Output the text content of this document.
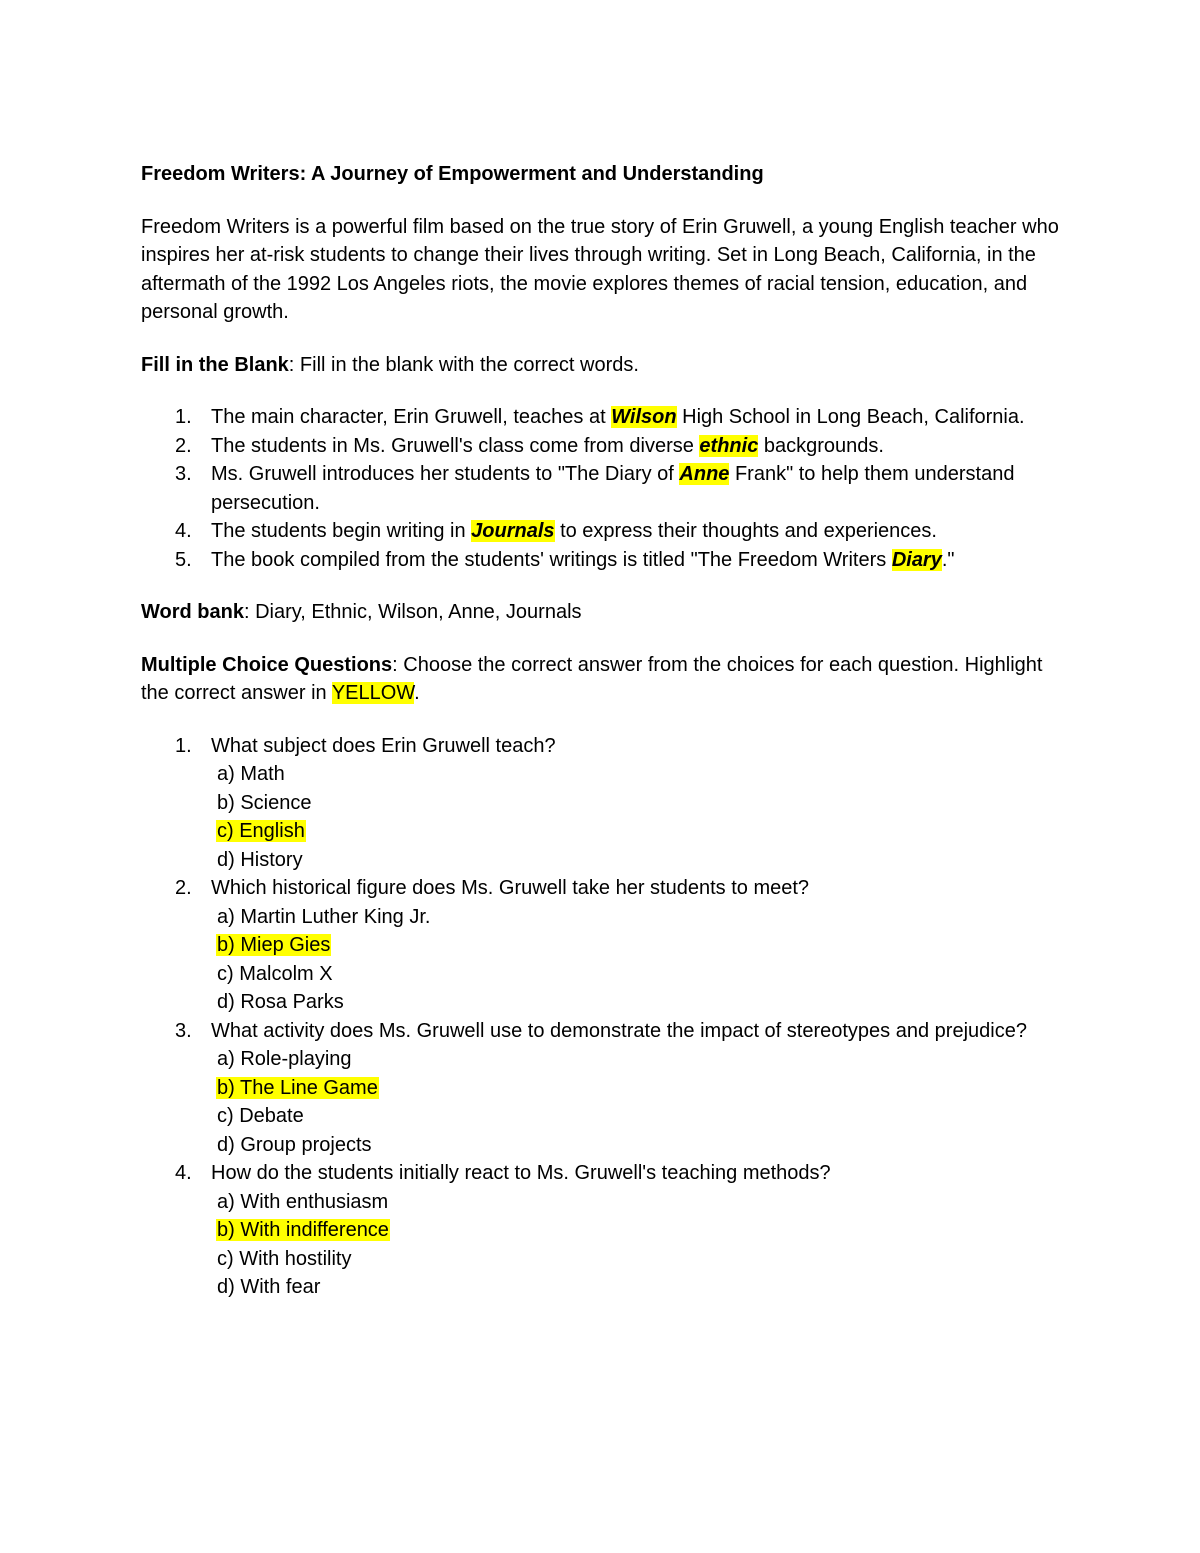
Freedom Writers: A Journey of Empowerment and Understanding

Freedom Writers is a powerful film based on the true story of Erin Gruwell, a young English teacher who inspires her at-risk students to change their lives through writing. Set in Long Beach, California, in the aftermath of the 1992 Los Angeles riots, the movie explores themes of racial tension, education, and personal growth.

Fill in the Blank: Fill in the blank with the correct words.

1. The main character, Erin Gruwell, teaches at Wilson High School in Long Beach, California.
2. The students in Ms. Gruwell's class come from diverse ethnic backgrounds.
3. Ms. Gruwell introduces her students to "The Diary of Anne Frank" to help them understand persecution.
4. The students begin writing in Journals to express their thoughts and experiences.
5. The book compiled from the students' writings is titled "The Freedom Writers Diary."

Word bank: Diary, Ethnic, Wilson, Anne, Journals

Multiple Choice Questions: Choose the correct answer from the choices for each question. Highlight the correct answer in YELLOW.

1. What subject does Erin Gruwell teach?
a) Math
b) Science
c) English
d) History
2. Which historical figure does Ms. Gruwell take her students to meet?
a) Martin Luther King Jr.
b) Miep Gies
c) Malcolm X
d) Rosa Parks
3. What activity does Ms. Gruwell use to demonstrate the impact of stereotypes and prejudice?
a) Role-playing
b) The Line Game
c) Debate
d) Group projects
4. How do the students initially react to Ms. Gruwell's teaching methods?
a) With enthusiasm
b) With indifference
c) With hostility
d) With fear
